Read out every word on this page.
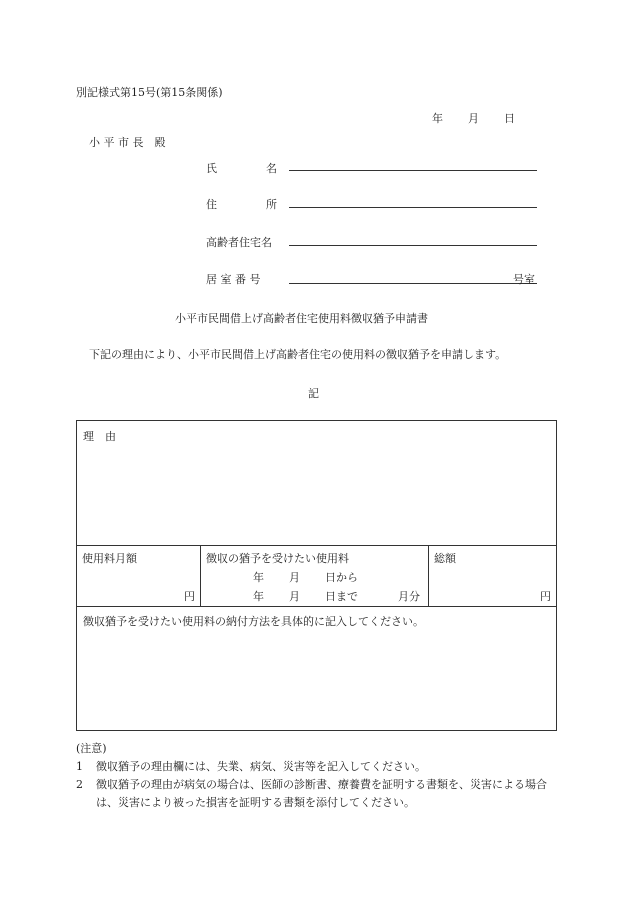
別記様式第15号(第15条関係)
年 月 日
小 平 市 長　殿
氏	名
住	所
高齢者住宅名
居 室 番 号	号室
小平市民間借上げ高齢者住宅使用料徴収猶予申請書
下記の理由により、小平市民間借上げ高齢者住宅の使用料の徴収猶予を申請します。
記
理　由

使用料月額
円

徴収の猶予を受けたい使用料
年 月 日から
年 月 日まで	月分

総額
円

徴収猶予を受けたい使用料の納付方法を具体的に記入してください。
(注意)
1	徴収猶予の理由欄には、失業、病気、災害等を記入してください。
2	徴収猶予の理由が病気の場合は、医師の診断書、療養費を証明する書類を、災害による場合は、災害により被った損害を証明する書類を添付してください。
